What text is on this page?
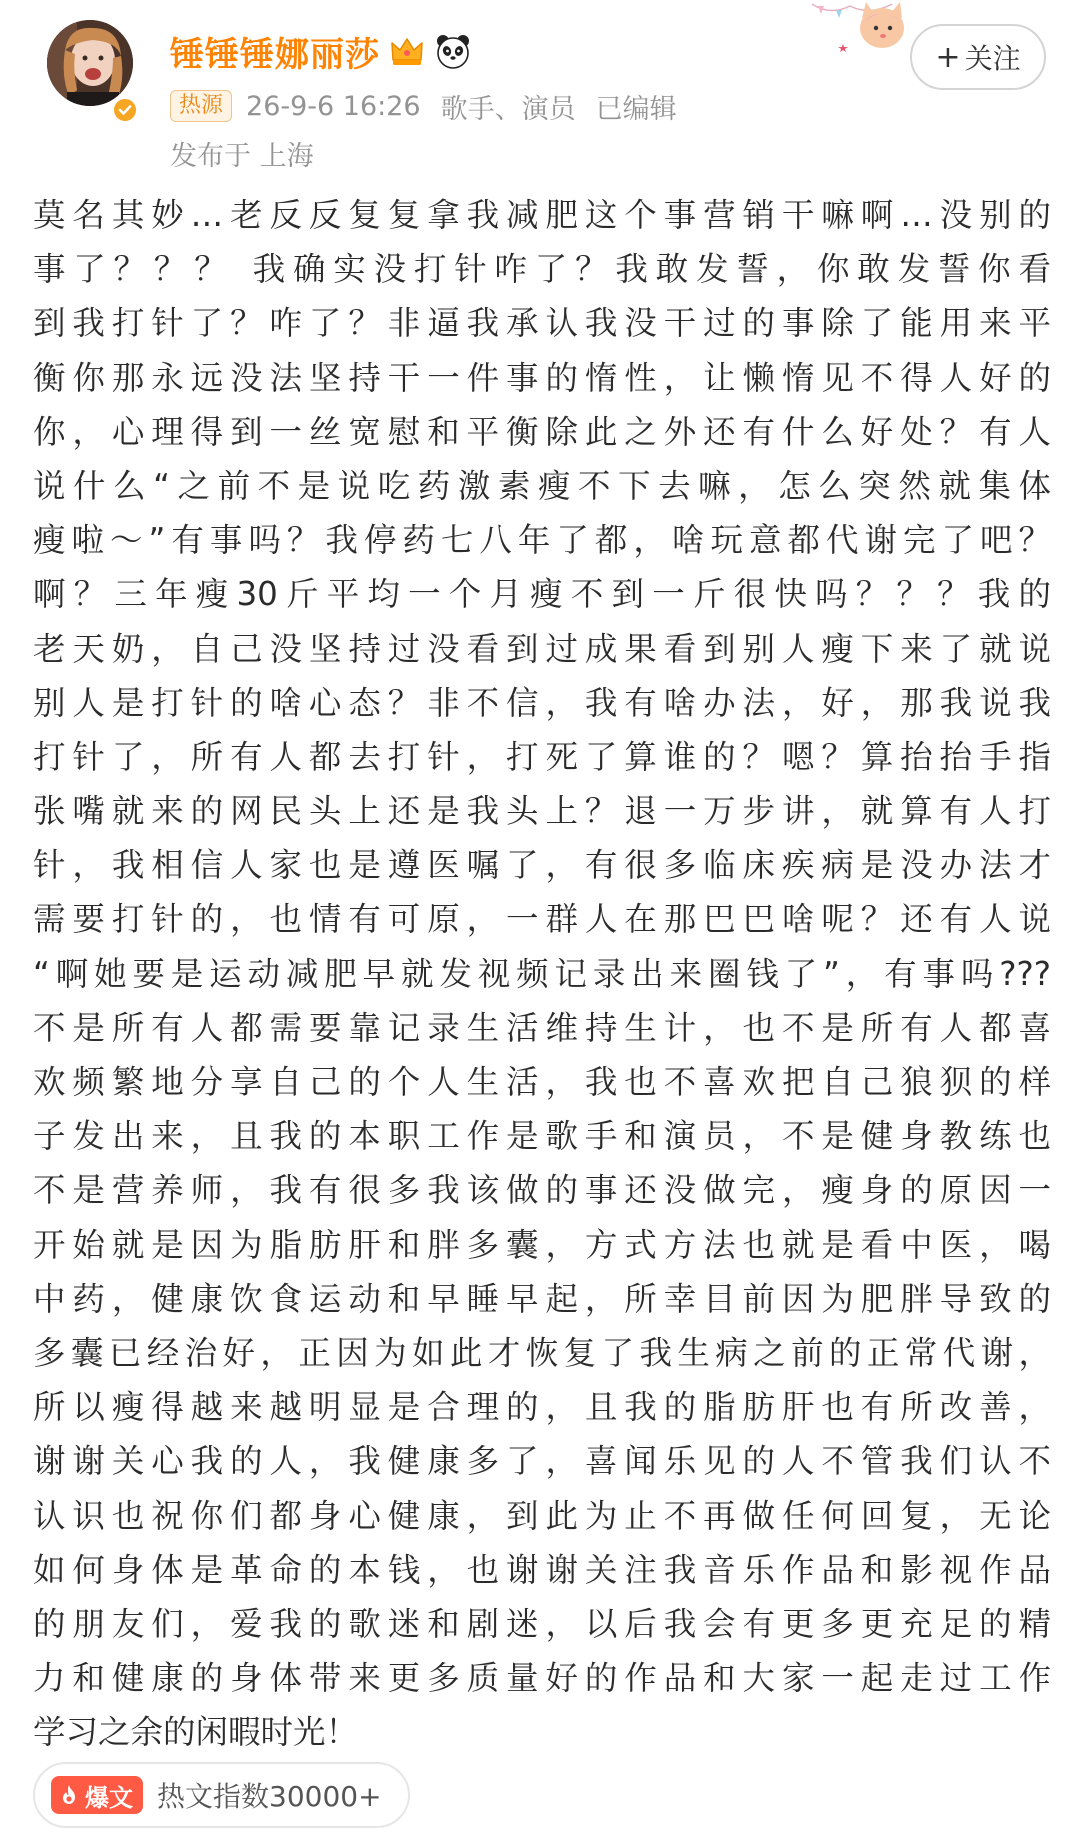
锤锤锤娜丽莎
热源 26-9-6 16:26 歌手、演员 已编辑
发布于 上海
+ 关注
莫名其妙…老反反复复拿我减肥这个事营销干嘛啊…没别的
事了？？？ 我确实没打针咋了？我敢发誓，你敢发誓你看
到我打针了？咋了？非逼我承认我没干过的事除了能用来平
衡你那永远没法坚持干一件事的惰性，让懒惰见不得人好的
你，心理得到一丝宽慰和平衡除此之外还有什么好处？有人
说什么“之前不是说吃药激素瘦不下去嘛，怎么突然就集体
瘦啦～”有事吗？我停药七八年了都，啥玩意都代谢完了吧？
啊？三年瘦30斤平均一个月瘦不到一斤很快吗？？？我的
老天奶，自己没坚持过没看到过成果看到别人瘦下来了就说
别人是打针的啥心态？非不信，我有啥办法，好，那我说我
打针了，所有人都去打针，打死了算谁的？嗯？算抬抬手指
张嘴就来的网民头上还是我头上？退一万步讲，就算有人打
针，我相信人家也是遵医嘱了，有很多临床疾病是没办法才
需要打针的，也情有可原，一群人在那巴巴啥呢？还有人说
“啊她要是运动减肥早就发视频记录出来圈钱了”，有事吗???
不是所有人都需要靠记录生活维持生计，也不是所有人都喜
欢频繁地分享自己的个人生活，我也不喜欢把自己狼狈的样
子发出来，且我的本职工作是歌手和演员，不是健身教练也
不是营养师，我有很多我该做的事还没做完，瘦身的原因一
开始就是因为脂肪肝和胖多囊，方式方法也就是看中医，喝
中药，健康饮食运动和早睡早起，所幸目前因为肥胖导致的
多囊已经治好，正因为如此才恢复了我生病之前的正常代谢，
所以瘦得越来越明显是合理的，且我的脂肪肝也有所改善，
谢谢关心我的人，我健康多了，喜闻乐见的人不管我们认不
认识也祝你们都身心健康，到此为止不再做任何回复，无论
如何身体是革命的本钱，也谢谢关注我音乐作品和影视作品
的朋友们，爱我的歌迷和剧迷，以后我会有更多更充足的精
力和健康的身体带来更多质量好的作品和大家一起走过工作
学习之余的闲暇时光！
爆文 热文指数30000+
